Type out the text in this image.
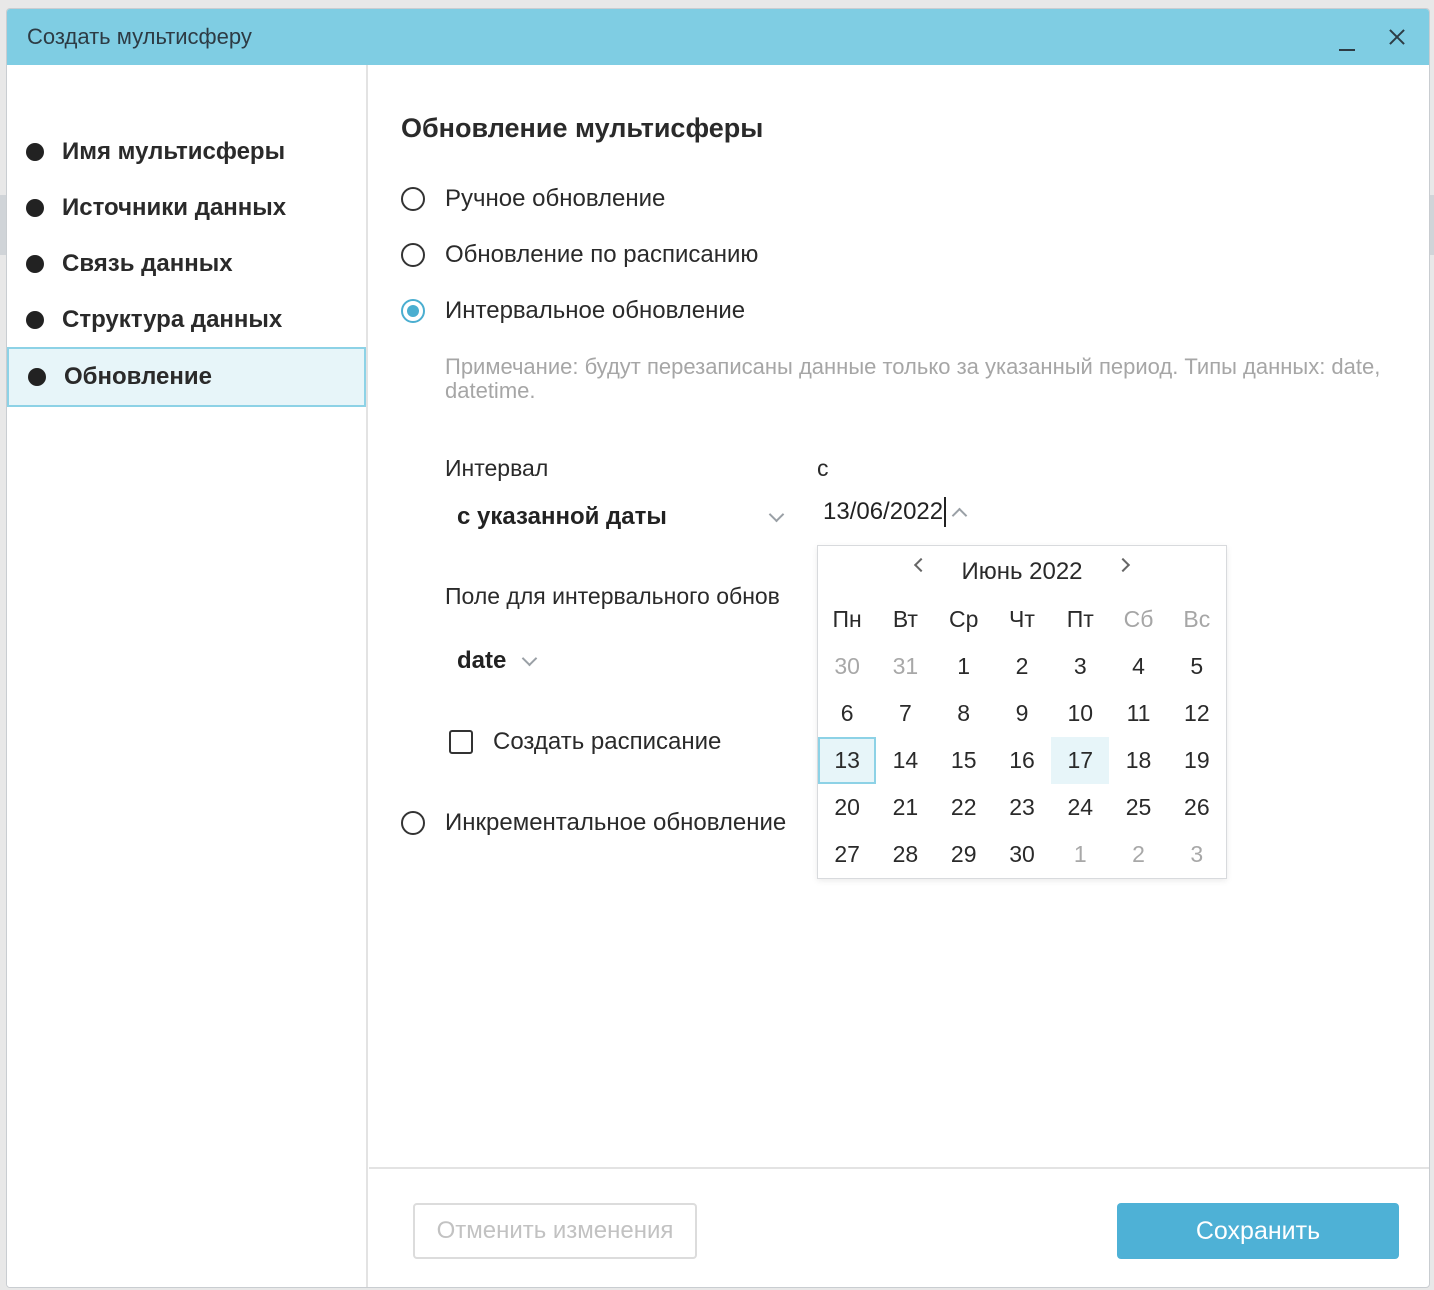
Создать мультисферу
Имя мультисферы
Источники данных
Связь данных
Структура данных
Обновление
Обновление мультисферы
Ручное обновление
Обновление по расписанию
Интервальное обновление
Примечание: будут перезаписаны данные только за указанный период. Типы данных: date, datetime.
Интервал	с
с указанной даты	13/06/2022
Поле для интервального обнов
date
Создать расписание
Инкрементальное обновление
Отменить изменения	Сохранить
Июнь 2022
Пн	Вт	Ср	Чт	Пт	Сб	Вс
30	31	1	2	3	4	5
6	7	8	9	10	11	12
13	14	15	16	17	18	19
20	21	22	23	24	25	26
27	28	29	30	1	2	3
